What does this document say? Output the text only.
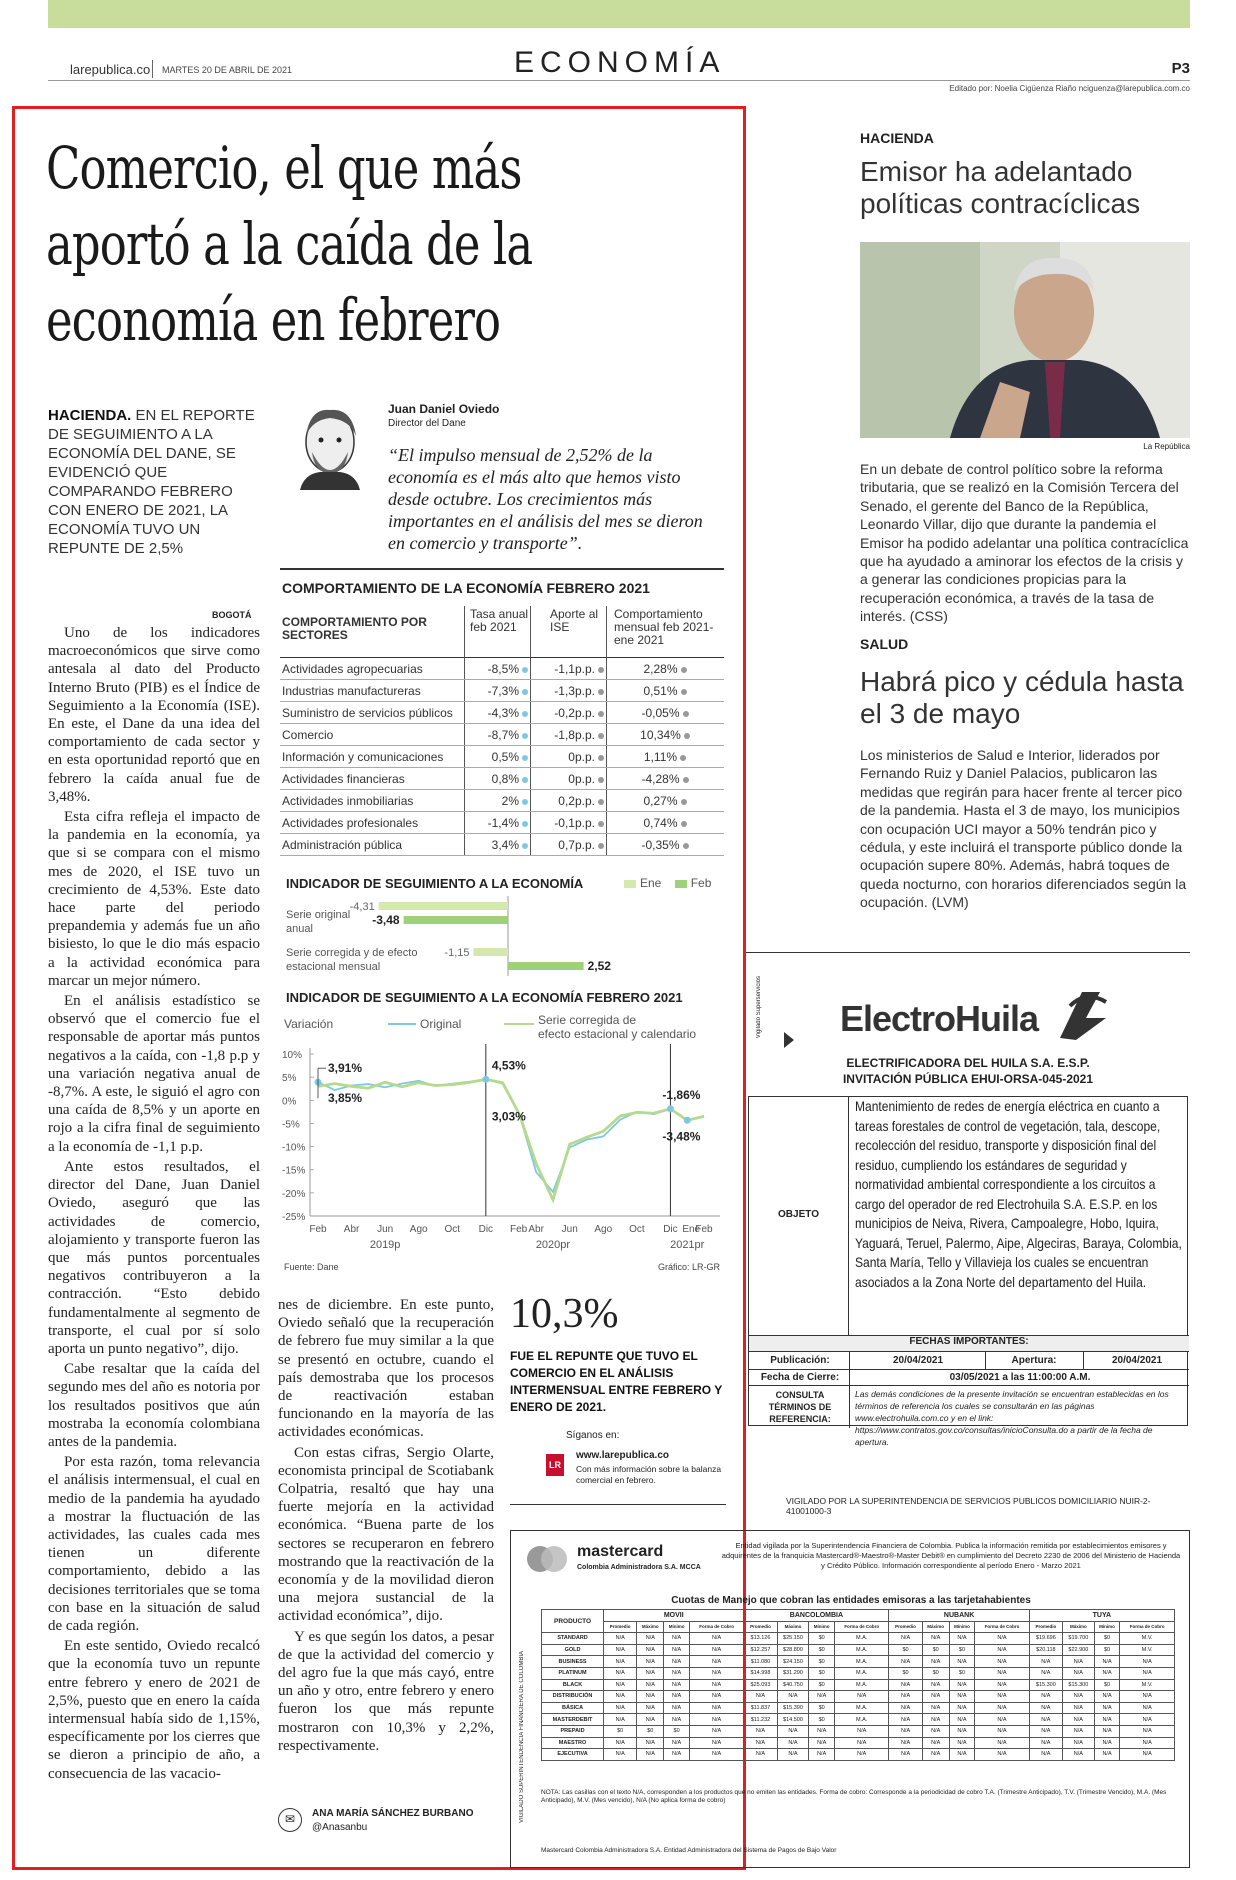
larepublica.co MARTES 20 DE ABRIL DE 2021	ECONOMÍA	P3
Editado por: Noelia Cigüenza Riaño nciguenza@larepublica.com.co
Comercio, el que más
aportó a la caída de la
economía en febrero
HACIENDA. EN EL REPORTE DE SEGUIMIENTO A LA ECONOMÍA DEL DANE, SE EVIDENCIÓ QUE COMPARANDO FEBRERO CON ENERO DE 2021, LA ECONOMÍA TUVO UN REPUNTE DE 2,5%
Juan Daniel Oviedo
Director del Dane
“El impulso mensual de 2,52% de la economía es el más alto que hemos visto desde octubre. Los crecimientos más importantes en el análisis del mes se dieron en comercio y transporte”.
BOGOTÁ

Uno de los indicadores macroeconómicos que sirve como antesala al dato del Producto Interno Bruto (PIB) es el Índice de Seguimiento a la Economía (ISE). En este, el Dane da una idea del comportamiento de cada sector y en esta oportunidad reportó que en febrero la caída anual fue de 3,48%.

Esta cifra refleja el impacto de la pandemia en la economía, ya que si se compara con el mismo mes de 2020, el ISE tuvo un crecimiento de 4,53%. Este dato hace parte del periodo prepandemia y además fue un año bisiesto, lo que le dio más espacio a la actividad económica para marcar un mejor número.

En el análisis estadístico se observó que el comercio fue el responsable de aportar más puntos negativos a la caída, con -1,8 p.p y una variación negativa anual de -8,7%. A este, le siguió el agro con una caída de 8,5% y un aporte en rojo a la cifra final de seguimiento a la economía de -1,1 p.p.

Ante estos resultados, el director del Dane, Juan Daniel Oviedo, aseguró que las actividades de comercio, alojamiento y transporte fueron las que más puntos porcentuales negativos contribuyeron a la contracción. “Esto debido fundamentalmente al segmento de transporte, el cual por sí solo aporta un punto negativo”, dijo.

Cabe resaltar que la caída del segundo mes del año es notoria por los resultados positivos que aún mostraba la economía colombiana antes de la pandemia.

Por esta razón, toma relevancia el análisis intermensual, el cual en medio de la pandemia ha ayudado a mostrar la fluctuación de las actividades, las cuales cada mes tienen un diferente comportamiento, debido a las decisiones territoriales que se toma con base en la situación de salud de cada región.

En este sentido, Oviedo recalcó que la economía tuvo un repunte entre febrero y enero de 2021 de 2,5%, puesto que en enero la caída intermensual había sido de 1,15%, específicamente por los cierres que se dieron a principio de año, a consecuencia de las vacacio-

nes de diciembre. En este punto, Oviedo señaló que la recuperación de febrero fue muy similar a la que se presentó en octubre, cuando el país demostraba que los procesos de reactivación estaban funcionando en la mayoría de las actividades económicas.

Con estas cifras, Sergio Olarte, economista principal de Scotiabank Colpatria, resaltó que hay una fuerte mejoría en la actividad económica. “Buena parte de los sectores se recuperaron en febrero mostrando que la reactivación de la economía y de la movilidad dieron una mejora sustancial de la actividad económica”, dijo.

Y es que según los datos, a pesar de que la actividad del comercio y del agro fue la que más cayó, entre un año y otro, entre febrero y enero fueron los que más repunte mostraron con 10,3% y 2,2%, respectivamente.

✉	ANA MARÍA SÁNCHEZ BURBANO
@Anasanbu
10,3%
FUE EL REPUNTE QUE TUVO EL COMERCIO EN EL ANÁLISIS INTERMENSUAL ENTRE FEBRERO Y ENERO DE 2021.
Síganos en:
LR
www.larepublica.co
Con más información sobre la balanza comercial en febrero.
COMPORTAMIENTO DE LA ECONOMÍA FEBRERO 2021
COMPORTAMIENTO POR SECTORES
Tasa anual feb 2021
Aporte al ISE
Comportamiento mensual feb 2021-ene 2021
Actividades agropecuarias	-8,5%	-1,1p.p.	2,28%
Industrias manufactureras	-7,3%	-1,3p.p.	0,51%
Suministro de servicios públicos	-4,3%	-0,2p.p.	-0,05%
Comercio	-8,7%	-1,8p.p.	10,34%
Información y comunicaciones	0,5%	0p.p.	1,11%
Actividades financieras	0,8%	0p.p.	-4,28%
Actividades inmobiliarias	2%	0,2p.p.	0,27%
Actividades profesionales	-1,4%	-0,1p.p.	0,74%
Administración pública	3,4%	0,7p.p.	-0,35%
INDICADOR DE SEGUIMIENTO A LA ECONOMÍA	Ene Feb
Serie original
anual
Serie corregida y de efecto
estacional mensual
-4,31
-1,15
-3,48
2,52
INDICADOR DE SEGUIMIENTO A LA ECONOMÍA FEBRERO 2021
Variación	Original	Serie corregida de
efecto estacional y calendario
10%
5%
0%
-5%
-10%
-15%
-20%
-25%
Feb Abr Jun Ago Oct Dic Feb Abr Jun Ago Oct Dic Ene
Feb
2019p	2020pr	2021pr
3,91%
3,85%
4,53%
3,03%
-1,86%
-3,48%
Fuente: Dane	Gráfico: LR-GR
HACIENDA
Emisor ha adelantado políticas contracíclicas
La República
En un debate de control político sobre la reforma tributaria, que se realizó en la Comisión Tercera del Senado, el gerente del Banco de la República, Leonardo Villar, dijo que durante la pandemia el Emisor ha podido adelantar una política contracíclica que ha ayudado a aminorar los efectos de la crisis y a generar las condiciones propicias para la recuperación económica, a través de la tasa de interés. (CSS)
SALUD
Habrá pico y cédula hasta el 3 de mayo
Los ministerios de Salud e Interior, liderados por Fernando Ruiz y Daniel Palacios, publicaron las medidas que regirán para hacer frente al tercer pico de la pandemia. Hasta el 3 de mayo, los municipios con ocupación UCI mayor a 50% tendrán pico y cédula, y este incluirá el transporte público donde la ocupación supere 80%. Además, habrá toques de queda nocturno, con horarios diferenciados según la ocupación. (LVM)
Vigilado Superservicios ElectroHuila
ELECTRIFICADORA DEL HUILA S.A. E.S.P.
INVITACIÓN PÚBLICA EHUI-ORSA-045-2021
OBJETO
Mantenimiento de redes de energía eléctrica en cuanto a tareas forestales de control de vegetación, tala, descope, recolección del residuo, transporte y disposición final del residuo, cumpliendo los estándares de seguridad y normatividad ambiental correspondiente a los circuitos a cargo del operador de red Electrohuila S.A. E.S.P. en los municipios de Neiva, Rivera, Campoalegre, Hobo, Iquira, Yaguará, Teruel, Palermo, Aipe, Algeciras, Baraya, Colombia, Santa María, Tello y Villavieja los cuales se encuentran asociados a la Zona Norte del departamento del Huila.
FECHAS IMPORTANTES:
Publicación:	20/04/2021	Apertura:	20/04/2021
Fecha de Cierre:	03/05/2021 a las 11:00:00 A.M.
CONSULTA TÉRMINOS DE REFERENCIA:
Las demás condiciones de la presente invitación se encuentran establecidas en los términos de referencia los cuales se consultarán en las páginas www.electrohuila.com.co y en el link: https://www.contratos.gov.co/consultas/inicioConsulta.do a partir de la fecha de apertura.
VIGILADO POR LA SUPERINTENDENCIA DE SERVICIOS PUBLICOS DOMICILIARIO NUIR-2-41001000-3
mastercard
Colombia Administradora S.A. MCCA
Entidad vigilada por la Superintendencia Financiera de Colombia. Publica la información remitida por establecimientos emisores y adquirentes de la franquicia Mastercard®-Maestro®-Master Debit® en cumplimiento del Decreto 2230 de 2006 del Ministerio de Hacienda y Crédito Público. Información correspondiente al período Enero - Marzo 2021
Cuotas de Manejo que cobran las entidades emisoras a las tarjetahabientes
VIGILADO SUPERINTENDENCIA FINANCIERA DE COLOMBIA
PRODUCTO	MOVII				BANCOLOMBIA				NUBANK				TUYA			
	Promedio	Máximo	Mínimo	Forma de Cobro	Promedio	Máximo	Mínimo	Forma de Cobro	Promedio	Máximo	Mínimo	Forma de Cobro	Promedio	Máximo	Mínimo	Forma de Cobro
STANDARD	N/A	N/A	N/A	N/A	$13.126	$25.150	$0	M.A.	N/A	N/A	N/A	N/A	$19.696	$19.700	$0	M.V.
GOLD	N/A	N/A	N/A	N/A	$12.257	$28.800	$0	M.A.	$0	$0	$0	N/A	$20.118	$22.900	$0	M.V.
BUSINESS	N/A	N/A	N/A	N/A	$11.080	$24.150	$0	M.A.	N/A	N/A	N/A	N/A	N/A	N/A	N/A	N/A
PLATINUM	N/A	N/A	N/A	N/A	$14.998	$31.290	$0	M.A.	$0	$0	$0	N/A	N/A	N/A	N/A	N/A
BLACK	N/A	N/A	N/A	N/A	$25.093	$40.750	$0	M.A.	N/A	N/A	N/A	N/A	$15.300	$15.300	$0	M.V.
DISTRIBUCIÓN	N/A	N/A	N/A	N/A	N/A	N/A	N/A	N/A	N/A	N/A	N/A	N/A	N/A	N/A	N/A	N/A
BÁSICA	N/A	N/A	N/A	N/A	$11.837	$15.390	$0	M.A.	N/A	N/A	N/A	N/A	N/A	N/A	N/A	N/A
MASTERDEBIT	N/A	N/A	N/A	N/A	$11.232	$14.500	$0	M.A.	N/A	N/A	N/A	N/A	N/A	N/A	N/A	N/A
PREPAID	$0	$0	$0	N/A	N/A	N/A	N/A	N/A	N/A	N/A	N/A	N/A	N/A	N/A	N/A	N/A
MAESTRO	N/A	N/A	N/A	N/A	N/A	N/A	N/A	N/A	N/A	N/A	N/A	N/A	N/A	N/A	N/A	N/A
EJECUTIVA	N/A	N/A	N/A	N/A	N/A	N/A	N/A	N/A	N/A	N/A	N/A	N/A	N/A	N/A	N/A	N/A
NOTA: Las casillas con el texto N/A, corresponden a los productos que no emiten las entidades. Forma de cobro: Corresponde a la periodicidad de cobro T.A. (Trimestre Anticipado), T.V. (Trimestre Vencido), M.A. (Mes Anticipado), M.V. (Mes vencido), N/A (No aplica forma de cobro)
Mastercard Colombia Administradora S.A. Entidad Administradora del Sistema de Pagos de Bajo Valor
